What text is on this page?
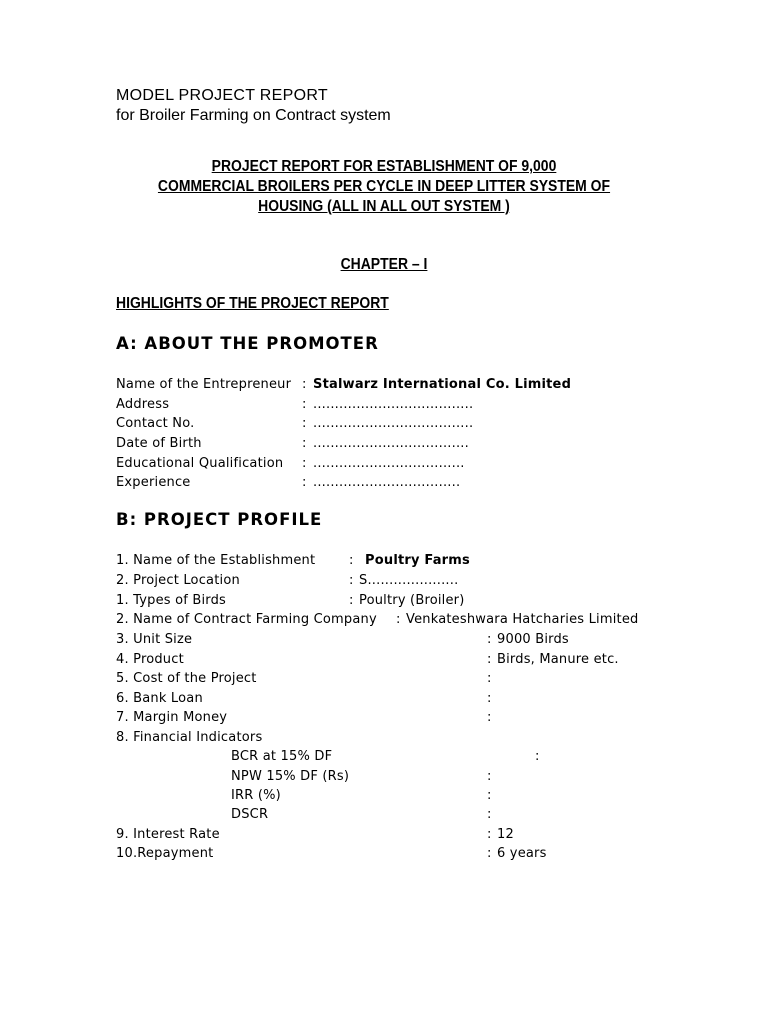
MODEL PROJECT REPORT
for Broiler Farming on Contract system
PROJECT REPORT FOR ESTABLISHMENT OF 9,000
COMMERCIAL BROILERS PER CYCLE IN DEEP LITTER SYSTEM OF
HOUSING (ALL IN ALL OUT SYSTEM )
CHAPTER – I
HIGHLIGHTS OF THE PROJECT REPORT
A: ABOUT THE PROMOTER
Name of the Entrepreneur : Stalwarz International Co. Limited
Address	: .....................................
Contact No.	: .....................................
Date of Birth	: ....................................
Educational Qualification : ...................................
Experience	: ..................................
B: PROJECT PROFILE
1. Name of the Establishment	: Poultry Farms
2. Project Location	: S.....................
1. Types of Birds	: Poultry (Broiler)
2. Name of Contract Farming Company : Venkateshwara Hatcharies Limited
3. Unit Size	: 9000 Birds
4. Product	: Birds, Manure etc.
5. Cost of the Project	:
6. Bank Loan	:
7. Margin Money	:
8. Financial Indicators
BCR at 15% DF	:
NPW 15% DF (Rs)	:
IRR (%)	:
DSCR	:
9. Interest Rate	: 12
10.Repayment	: 6 years
